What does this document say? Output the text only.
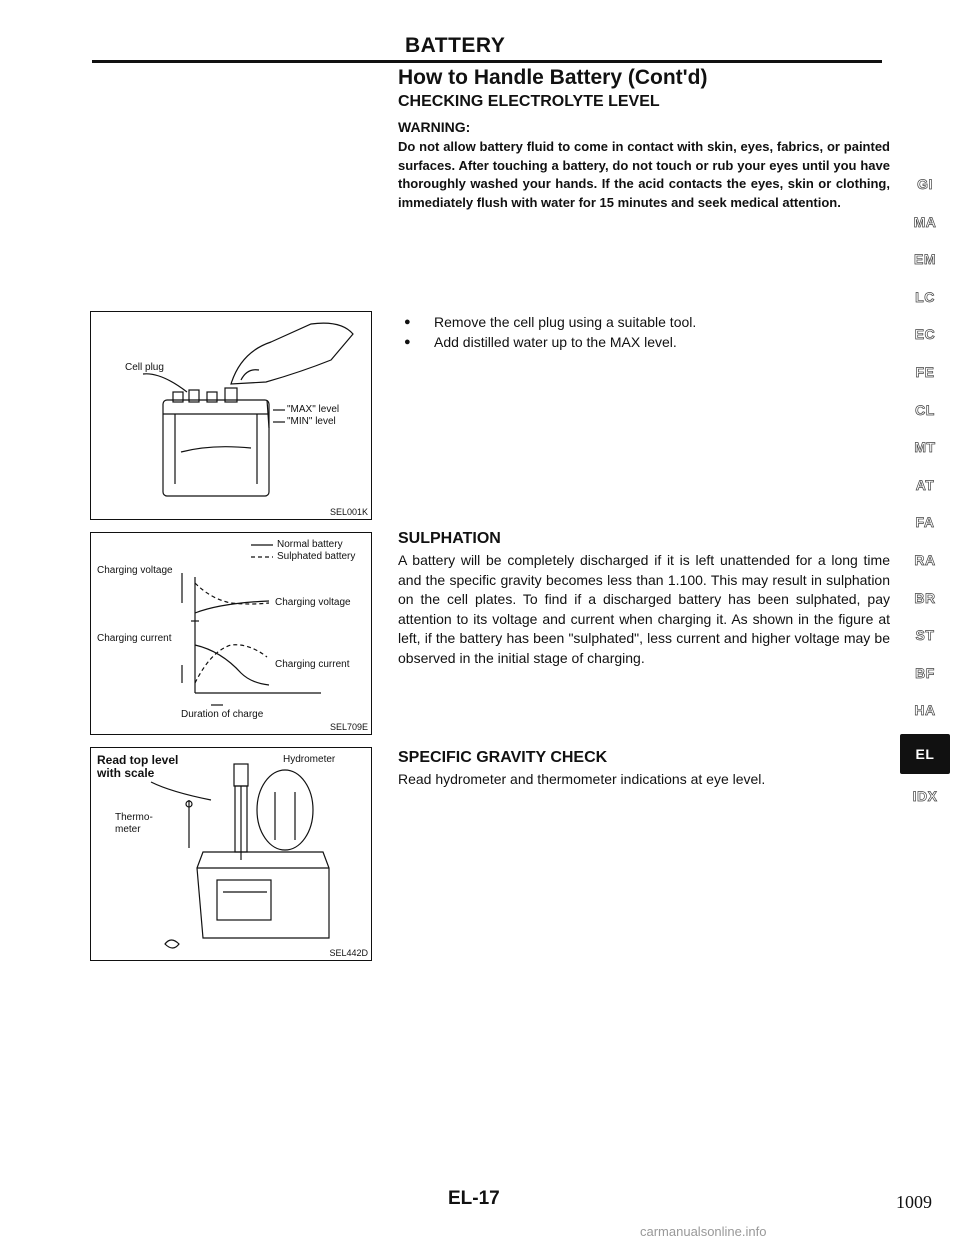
BATTERY
How to Handle Battery (Cont'd)
CHECKING ELECTROLYTE LEVEL
WARNING:
Do not allow battery fluid to come in contact with skin, eyes, fabrics, or painted surfaces. After touching a battery, do not touch or rub your eyes until you have thoroughly washed your hands. If the acid contacts the eyes, skin or clothing, immediately flush with water for 15 minutes and seek medical attention.
● Remove the cell plug using a suitable tool.
● Add distilled water up to the MAX level.
SULPHATION
A battery will be completely discharged if it is left unattended for a long time and the specific gravity becomes less than 1.100. This may result in sulphation on the cell plates. To find if a discharged battery has been sulphated, pay attention to its voltage and current when charging it. As shown in the figure at left, if the battery has been "sulphated", less current and higher voltage may be observed in the initial stage of charging.
SPECIFIC GRAVITY CHECK
Read hydrometer and thermometer indications at eye level.
Cell plug
"MAX" level
"MIN" level
SEL001K
Normal battery
Sulphated battery
Charging voltage
Charging voltage
Charging current
Charging current
Duration of charge
SEL709E
Read top level
with scale
Hydrometer
Thermo-
meter
SEL442D
GI
MA
EM
LC
EC
FE
CL
MT
AT
FA
RA
BR
ST
BF
HA
EL
IDX
EL-17	1009
carmanualsonline.info
